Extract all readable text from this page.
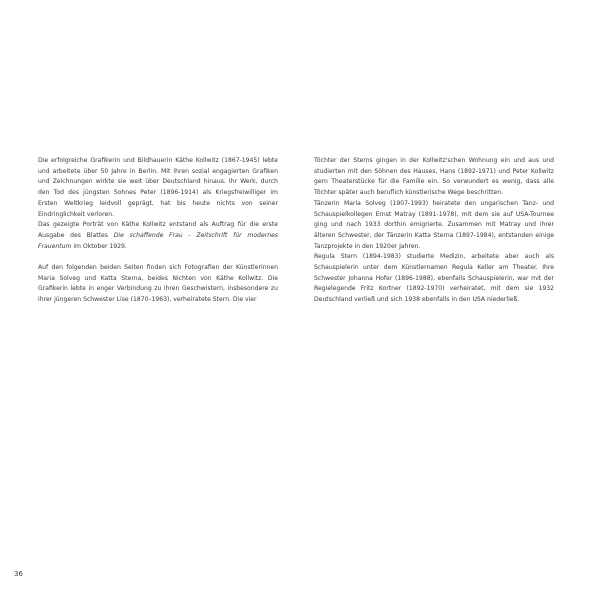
Die erfolgreiche Grafikerin und Bildhauerin Käthe Kollwitz (1867-1945) lebte und arbeitete über 50 Jahre in Berlin. Mit ihren sozial engagierten Grafiken und Zeichnungen wirkte sie weit über Deutschland hinaus. Ihr Werk, durch den Tod des jüngsten Sohnes Peter (1896-1914) als Kriegsfreiwilliger im Ersten Weltkrieg leidvoll geprägt, hat bis heute nichts von seiner Eindringlichkeit verloren.

Das gezeigte Porträt von Käthe Kollwitz entstand als Auftrag für die erste Ausgabe des Blattes Die schaffende Frau - Zeitschrift für modernes Frauentum im Oktober 1929.

Auf den folgenden beiden Seiten finden sich Fotografien der Künstlerinnen Maria Solveg und Katta Sterna, beides Nichten von Käthe Kollwitz. Die Grafikerin lebte in enger Verbindung zu ihren Geschwistern, insbesondere zu ihrer jüngeren Schwester Lise (1870–1963), verheiratete Stern. Die vier

Töchter der Sterns gingen in der Kollwitz'schen Wohnung ein und aus und studierten mit den Söhnen des Hauses, Hans (1892-1971) und Peter Kollwitz gern Theaterstücke für die Familie ein. So verwundert es wenig, dass alle Töchter später auch beruflich künstlerische Wege beschritten.

Tänzerin Maria Solveg (1907-1993) heiratete den ungarischen Tanz- und Schauspielkollegen Ernst Matray (1891-1978), mit dem sie auf USA-Tournee ging und nach 1933 dorthin emigrierte. Zusammen mit Matray und ihrer älteren Schwester, der Tänzerin Katta Sterna (1897-1984), entstanden einige Tanzprojekte in den 1920er Jahren.

Regula Stern (1894-1983) studierte Medizin, arbeitete aber auch als Schauspielerin unter dem Künstlernamen Regula Keller am Theater. Ihre Schwester Johanna Hofer (1896-1988), ebenfalls Schauspielerin, war mit der Regielegende Fritz Kortner (1892-1970) verheiratet, mit dem sie 1932 Deutschland verließ und sich 1938 ebenfalls in den USA niederließ.

36
